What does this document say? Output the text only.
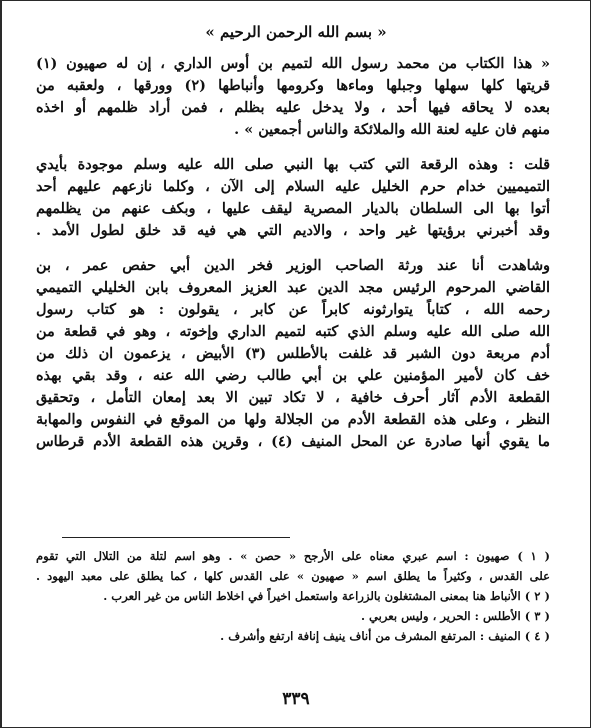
« بسم الله الرحمن الرحيم »
« هذا الكتاب من محمد رسول الله لتميم بن أوس الداري ، إن له صهيون (١)
قريتها كلها سهلها وجبلها وماءها وكرومها وأنباطها (٢) وورقها ، ولعقبه من
بعده لا يحاقه فيها أحد ، ولا يدخل عليه بظلم ، فمن أراد ظلمهم أو اخذه
منهم فان عليه لعنة الله والملائكة والناس أجمعين » .
قلت : وهذه الرقعة التي كتب بها النبي صلى الله عليه وسلم موجودة بأيدي
التميميين خدام حرم الخليل عليه السلام إلى الآن ، وكلما نازعهم عليهم أحد
أتوا بها الى السلطان بالديار المصرية ليقف عليها ، وبكف عنهم من يظلمهم
وقد أخبرني برؤيتها غير واحد ، والاديم التي هي فيه قد خلق لطول الأمد .
وشاهدت أنا عند ورثة الصاحب الوزير فخر الدين أبي حفص عمر ، بن
القاضي المرحوم الرئيس مجد الدين عبد العزيز المعروف بابن الخليلي التميمي
رحمه الله ، كتاباً يتوارثونه كابراً عن كابر ، يقولون : هو كتاب رسول
الله صلى الله عليه وسلم الذي كتبه لتميم الداري وإخوته ، وهو في قطعة من
أدم مربعة دون الشبر قد غلفت بالأطلس (٣) الأبيض ، يزعمون ان ذلك من
خف كان لأمير المؤمنين علي بن أبي طالب رضي الله عنه ، وقد بقي بهذه
القطعة الأدم آثار أحرف خافية ، لا تكاد تبين الا بعد إمعان التأمل ، وتحقيق
النظر ، وعلى هذه القطعة الأدم من الجلالة ولها من الموقع في النفوس والمهابة
ما يقوي أنها صادرة عن المحل المنيف (٤) ، وقرين هذه القطعة الأدم قرطاس
( ١ ) صهيون : اسم عبري معناه على الأرجح « حصن » . وهو اسم لتلة من التلال التي تقوم
على القدس ، وكثيراً ما يطلق اسم « صهيون » على القدس كلها ، كما يطلق على معبد اليهود .
( ٢ ) الأنباط هنا بمعنى المشتغلون بالزراعة واستعمل اخيراً في اخلاط الناس من غير العرب .
( ٣ ) الأطلس : الحرير ، وليس بعربي .
( ٤ ) المنيف : المرتفع المشرف من أناف ينيف إنافة ارتفع وأشرف .
٣٣٩
